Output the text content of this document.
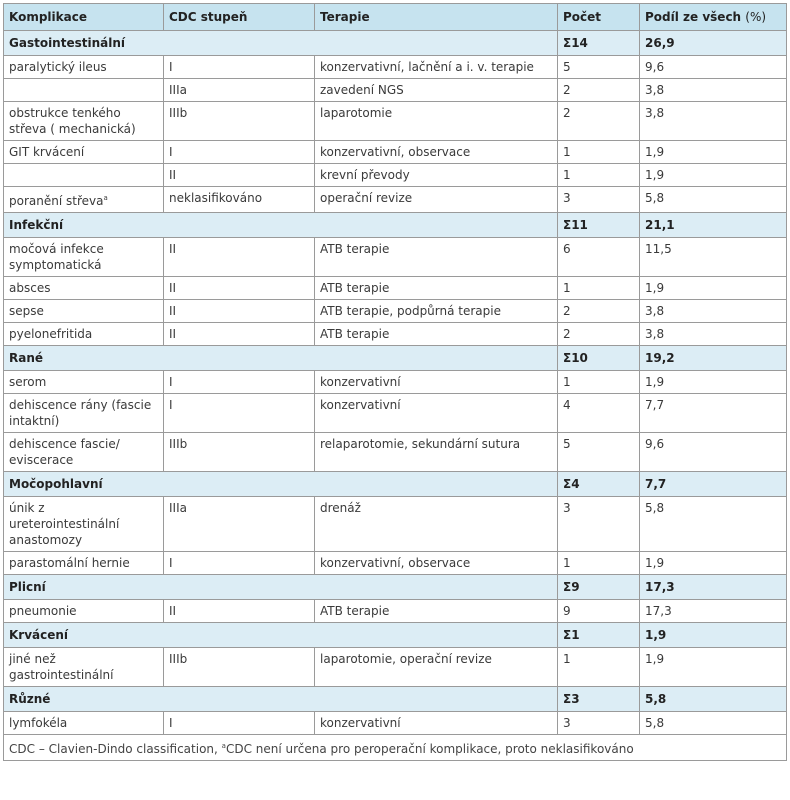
Komplikace	CDC stupeň	Terapie	Počet	Podíl ze všech (%)
Gastointestinální			Σ14	26,9
paralytický ileus	I	konzervativní, lačnění a i. v. terapie	5	9,6
	IIIa	zavedení NGS	2	3,8
obstrukce tenkého střeva ( mechanická)	IIIb	laparotomie	2	3,8
GIT krvácení	I	konzervativní, observace	1	1,9
	II	krevní převody	1	1,9
poranění střeva$^a$	neklasifikováno	operační revize	3	5,8
Infekční			Σ11	21,1
močová infekce symptomatická	II	ATB terapie	6	11,5
absces	II	ATB terapie	1	1,9
sepse	II	ATB terapie, podpůrná terapie	2	3,8
pyelonefritida	II	ATB terapie	2	3,8
Rané			Σ10	19,2
serom	I	konzervativní	1	1,9
dehiscence rány (fascie intaktní)	I	konzervativní	4	7,7
dehiscence fascie/ eviscerace	IIIb	relaparotomie, sekundární sutura	5	9,6
Močopohlavní			Σ4	7,7
únik z ureterointestinální anastomozy	IIIa	drenáž	3	5,8
parastomální hernie	I	konzervativní, observace	1	1,9
Plicní			Σ9	17,3
pneumonie	II	ATB terapie	9	17,3
Krvácení			Σ1	1,9
jiné než gastrointestinální	IIIb	laparotomie, operační revize	1	1,9
Různé			Σ3	5,8
lymfokéla	I	konzervativní	3	5,8
CDC – Clavien-Dindo classification, $^a$CDC není určena pro peroperační komplikace, proto neklasifikováno				
